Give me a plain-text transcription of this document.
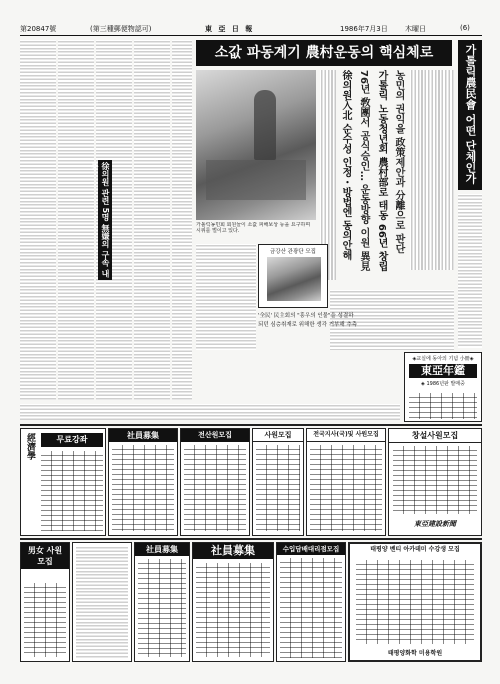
第20847號	(第三種郵便物認可)	東 亞 日 報	1986年7月3日 木曜日	(6)
徐의원 관련 5명 無嫌의 구속 내용
소값 파동계기 農村운동의 핵심체로	가톨릭農民會 어떤 단체인가
가톨릭농민회 회원들이 소값 피해보상 등을 요구하며 시위를 벌이고 있다.	농민의 권익을 政策제안과 分離으로 판단
가톨릭 노동청년회 農村部로 태동 66년 창립
76년 敎團서 공식승인… 운동방향 이원 異見
徐의원入北 순수성 인정・방법엔 동의안해
금강산 관광단 모집
'全民' 民主회의 "흥우의 인물"을 성결하
되던 심층취재로 위해한 생각 거부해 추측
◈교실에 동아의 기념 小冊◈
東亞年鑑
◈ 1986년판 발매중
經濟學	무료강좌	社員募集	전산원모집	사원모집	전국지사(국)및 사원모집	창설사원모집
東亞建設新聞
男女 사원 모집
社員募集	社員募集	수입담배대리점모집	태평양 벤티 아카데미 수강생 모집
태평양화학 미용학원
